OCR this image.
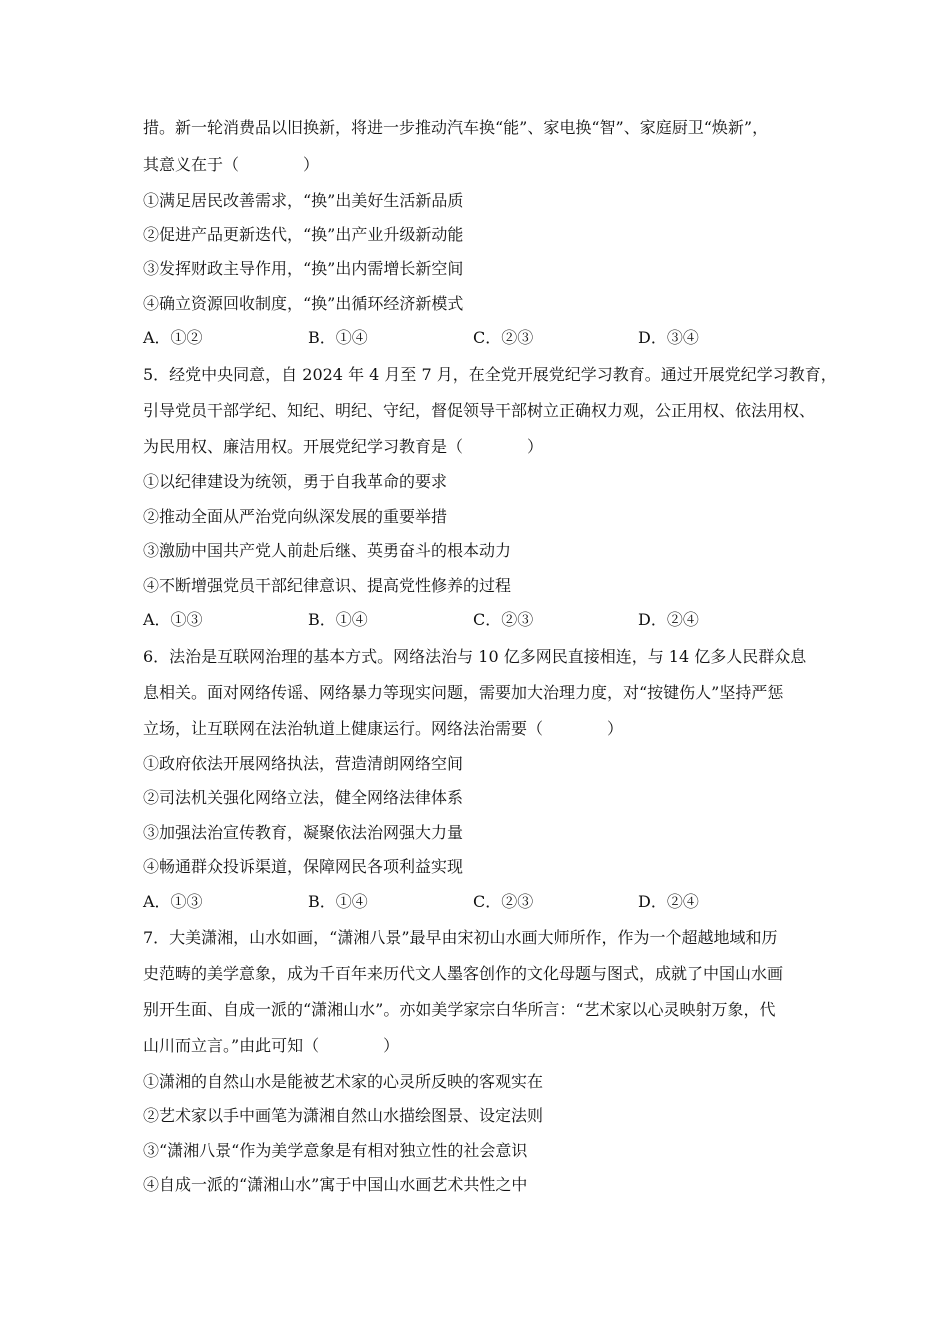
措。新一轮消费品以旧换新，将进一步推动汽车换“能”、家电换“智”、家庭厨卫“焕新”，
其意义在于（　　　　）
①满足居民改善需求，“换”出美好生活新品质
②促进产品更新迭代，“换”出产业升级新动能
③发挥财政主导作用，“换”出内需增长新空间
④确立资源回收制度，“换”出循环经济新模式
A．①②	B．①④	C．②③	D．③④
5．经党中央同意，自 2024 年 4 月至 7 月，在全党开展党纪学习教育。通过开展党纪学习教育，
引导党员干部学纪、知纪、明纪、守纪，督促领导干部树立正确权力观，公正用权、依法用权、
为民用权、廉洁用权。开展党纪学习教育是（　　　　）
①以纪律建设为统领，勇于自我革命的要求
②推动全面从严治党向纵深发展的重要举措
③激励中国共产党人前赴后继、英勇奋斗的根本动力
④不断增强党员干部纪律意识、提高党性修养的过程
A．①③	B．①④	C．②③	D．②④
6．法治是互联网治理的基本方式。网络法治与 10 亿多网民直接相连，与 14 亿多人民群众息
息相关。面对网络传谣、网络暴力等现实问题，需要加大治理力度，对“按键伤人”坚持严惩
立场，让互联网在法治轨道上健康运行。网络法治需要（　　　　）
①政府依法开展网络执法，营造清朗网络空间
②司法机关强化网络立法，健全网络法律体系
③加强法治宣传教育，凝聚依法治网强大力量
④畅通群众投诉渠道，保障网民各项利益实现
A．①③	B．①④	C．②③	D．②④
7．大美潇湘，山水如画，“潇湘八景”最早由宋初山水画大师所作，作为一个超越地域和历
史范畴的美学意象，成为千百年来历代文人墨客创作的文化母题与图式，成就了中国山水画
别开生面、自成一派的“潇湘山水”。亦如美学家宗白华所言：“艺术家以心灵映射万象，代
山川而立言。”由此可知（　　　　）
①潇湘的自然山水是能被艺术家的心灵所反映的客观实在
②艺术家以手中画笔为潇湘自然山水描绘图景、设定法则
③“潇湘八景“作为美学意象是有相对独立性的社会意识
④自成一派的“潇湘山水”寓于中国山水画艺术共性之中
